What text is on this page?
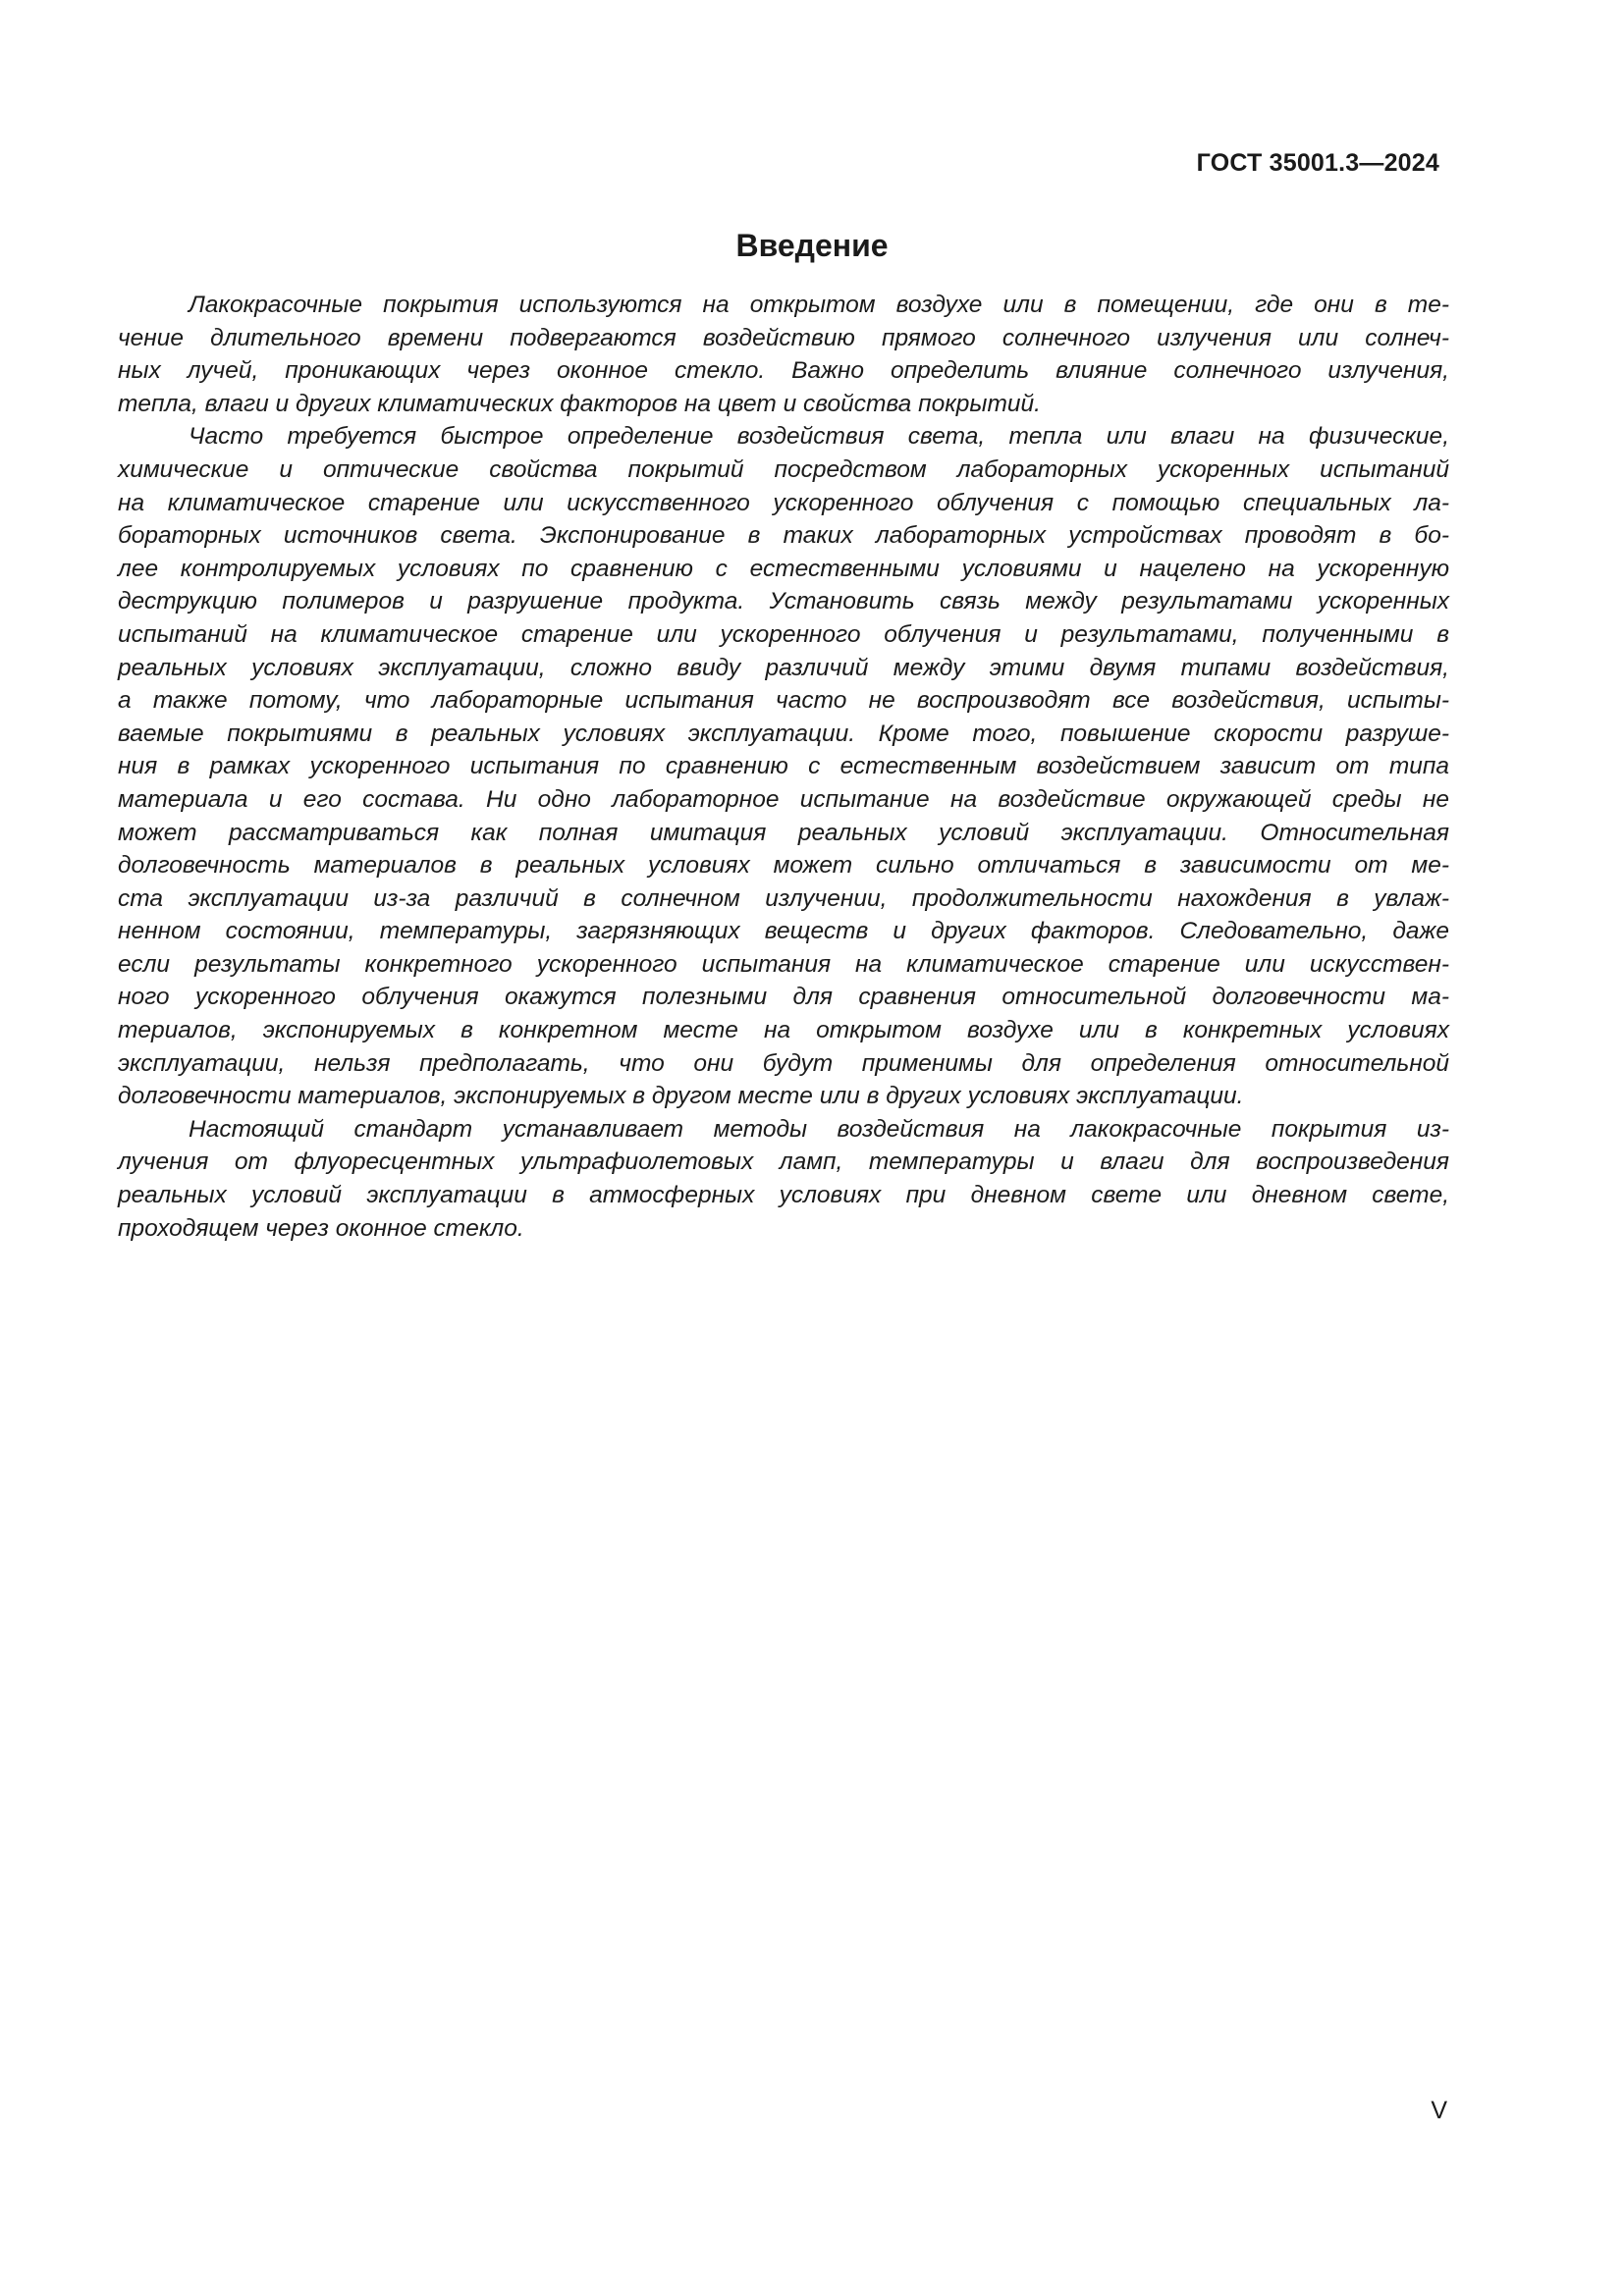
ГОСТ 35001.3—2024
Введение
Лакокрасочные покрытия используются на открытом воздухе или в помещении, где они в те-
чение длительного времени подвергаются воздействию прямого солнечного излучения или солнеч-
ных лучей, проникающих через оконное стекло. Важно определить влияние солнечного излучения,
тепла, влаги и других климатических факторов на цвет и свойства покрытий.
Часто требуется быстрое определение воздействия света, тепла или влаги на физические,
химические и оптические свойства покрытий посредством лабораторных ускоренных испытаний
на климатическое старение или искусственного ускоренного облучения с помощью специальных ла-
бораторных источников света. Экспонирование в таких лабораторных устройствах проводят в бо-
лее контролируемых условиях по сравнению с естественными условиями и нацелено на ускоренную
деструкцию полимеров и разрушение продукта. Установить связь между результатами ускоренных
испытаний на климатическое старение или ускоренного облучения и результатами, полученными в
реальных условиях эксплуатации, сложно ввиду различий между этими двумя типами воздействия,
а также потому, что лабораторные испытания часто не воспроизводят все воздействия, испыты-
ваемые покрытиями в реальных условиях эксплуатации. Кроме того, повышение скорости разруше-
ния в рамках ускоренного испытания по сравнению с естественным воздействием зависит от типа
материала и его состава. Ни одно лабораторное испытание на воздействие окружающей среды не
может рассматриваться как полная имитация реальных условий эксплуатации. Относительная
долговечность материалов в реальных условиях может сильно отличаться в зависимости от ме-
ста эксплуатации из-за различий в солнечном излучении, продолжительности нахождения в увлаж-
ненном состоянии, температуры, загрязняющих веществ и других факторов. Следовательно, даже
если результаты конкретного ускоренного испытания на климатическое старение или искусствен-
ного ускоренного облучения окажутся полезными для сравнения относительной долговечности ма-
териалов, экспонируемых в конкретном месте на открытом воздухе или в конкретных условиях
эксплуатации, нельзя предполагать, что они будут применимы для определения относительной
долговечности материалов, экспонируемых в другом месте или в других условиях эксплуатации.
Настоящий стандарт устанавливает методы воздействия на лакокрасочные покрытия из-
лучения от флуоресцентных ультрафиолетовых ламп, температуры и влаги для воспроизведения
реальных условий эксплуатации в атмосферных условиях при дневном свете или дневном свете,
проходящем через оконное стекло.
V
